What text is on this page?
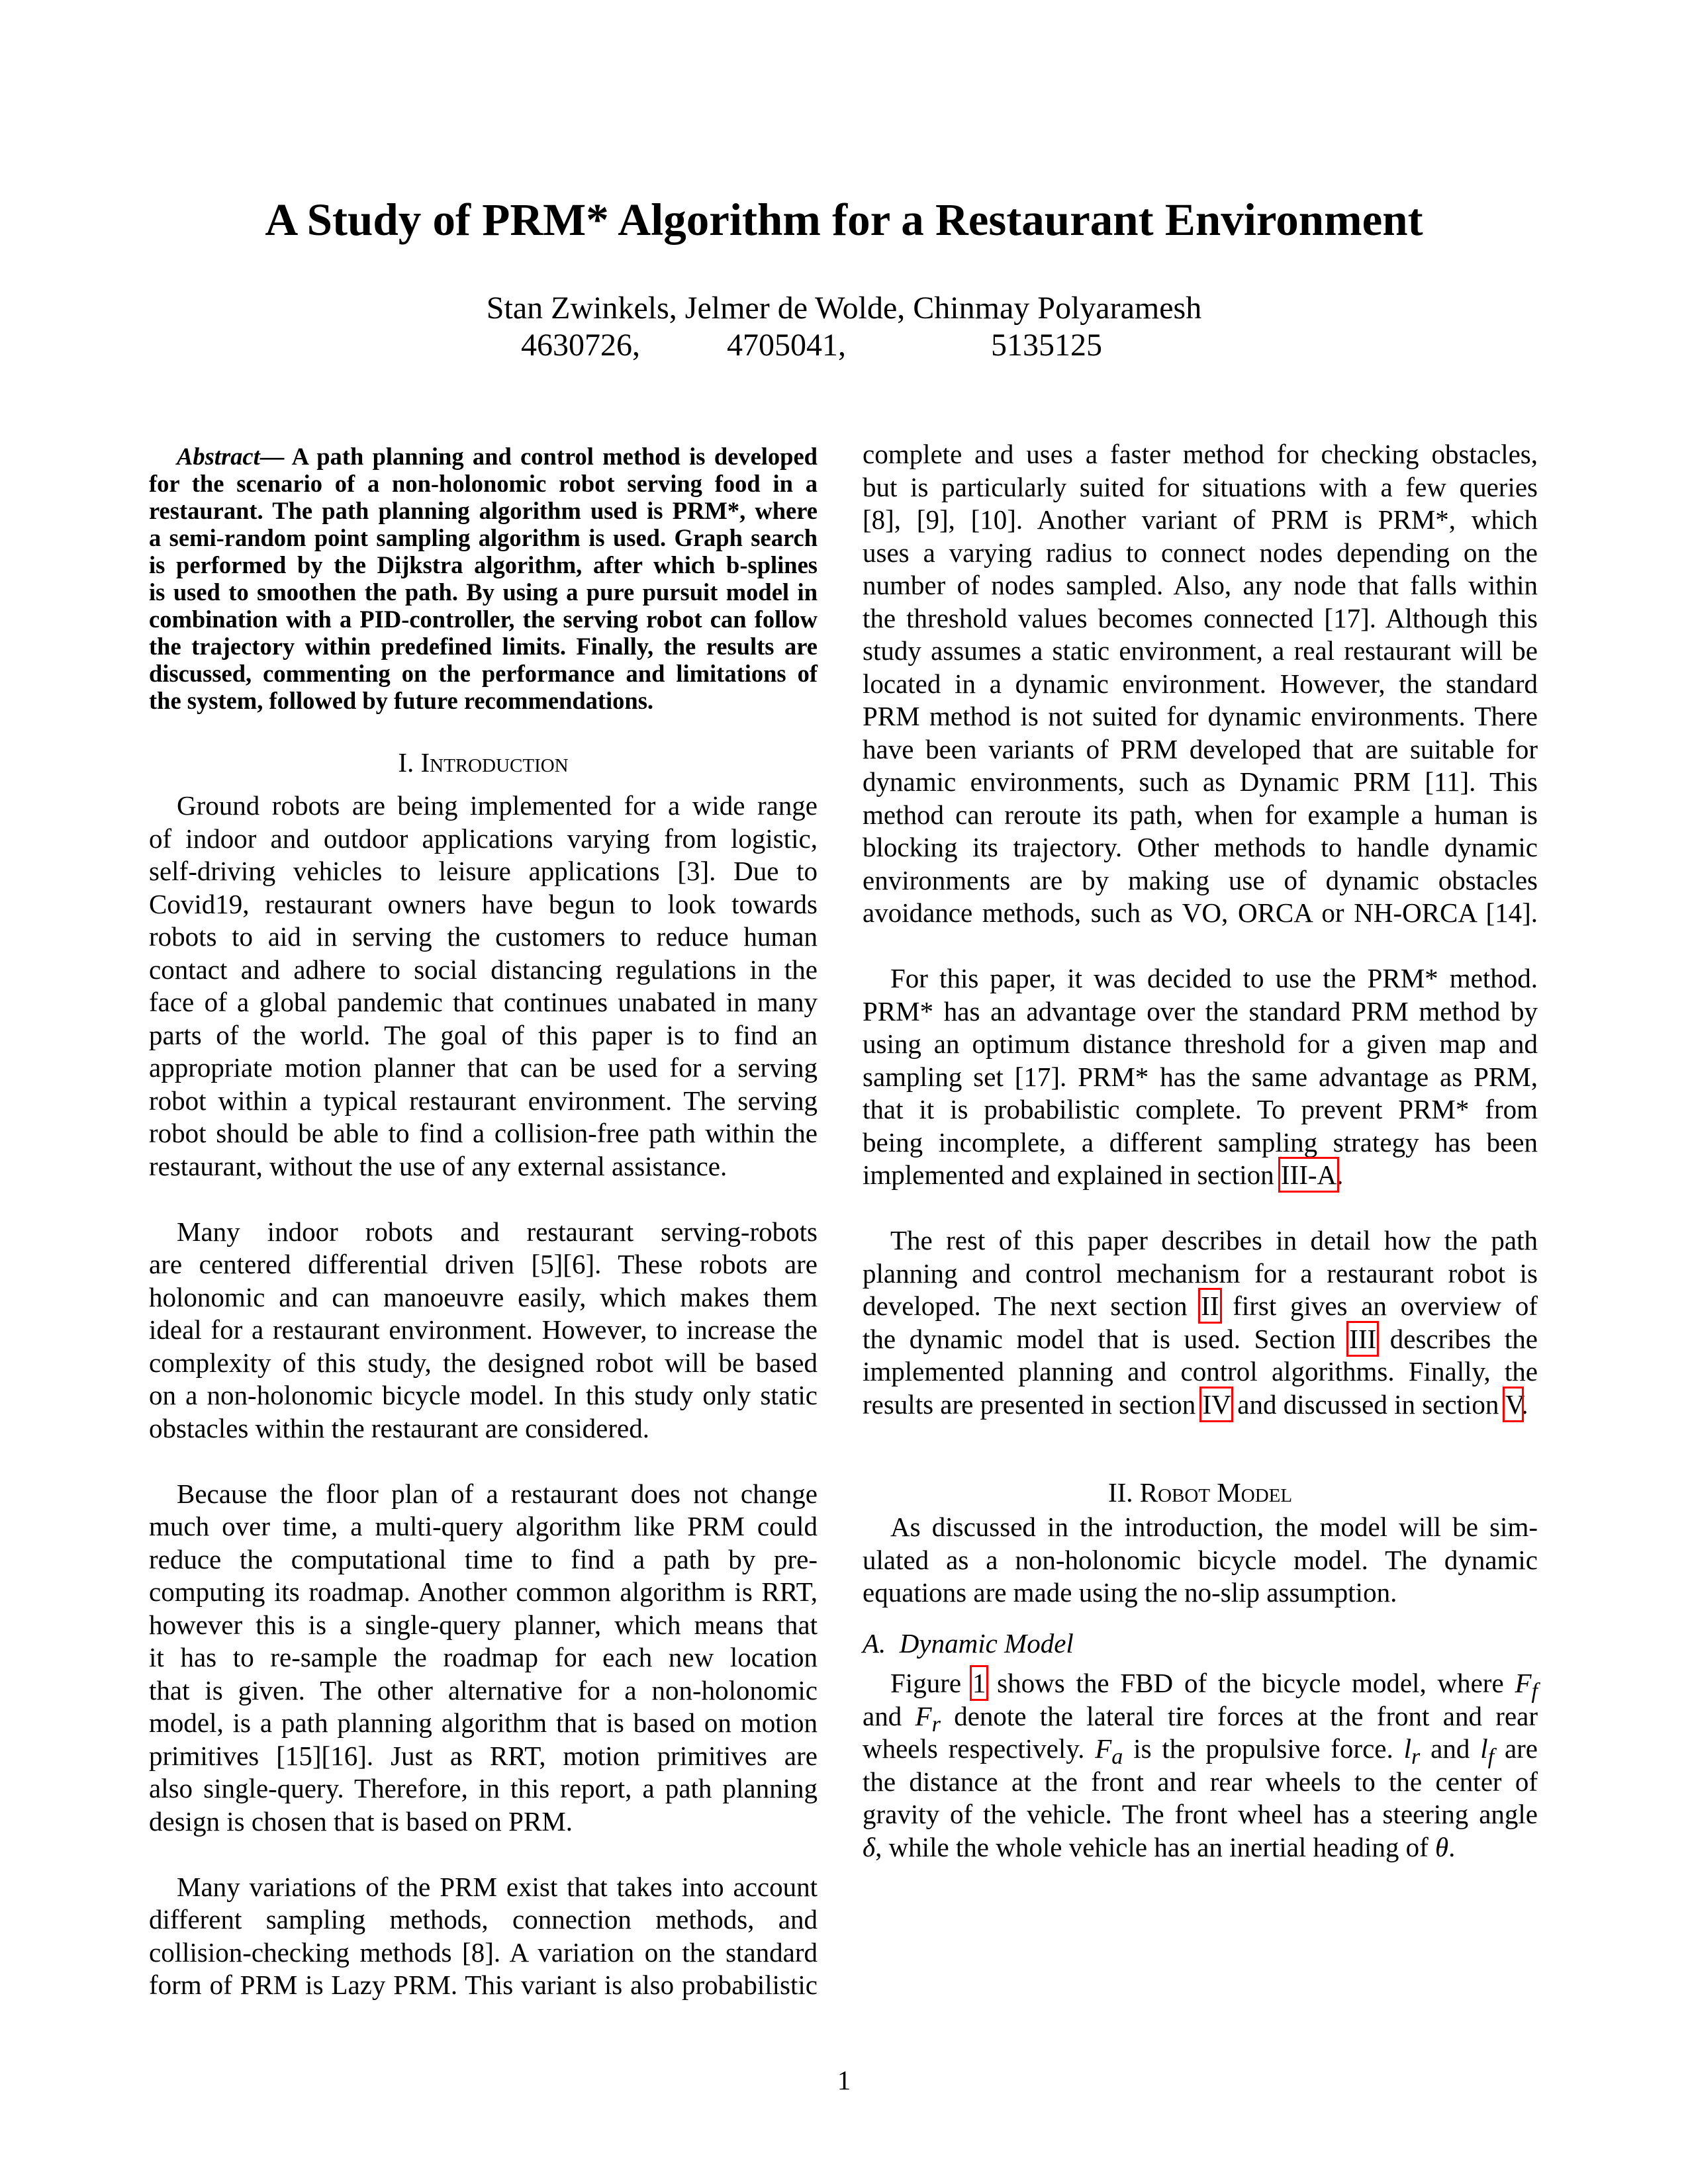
A Study of PRM* Algorithm for a Restaurant Environment
Stan Zwinkels, Jelmer de Wolde, Chinmay Polyaramesh
4630726,	4705041,	5135125
Abstract— A path planning and control method is developed
for the scenario of a non-holonomic robot serving food in a
restaurant. The path planning algorithm used is PRM*, where
a semi-random point sampling algorithm is used. Graph search
is performed by the Dijkstra algorithm, after which b-splines
is used to smoothen the path. By using a pure pursuit model in
combination with a PID-controller, the serving robot can follow
the trajectory within predefined limits. Finally, the results are
discussed, commenting on the performance and limitations of
the system, followed by future recommendations.
I. Introduction
Ground robots are being implemented for a wide range
of indoor and outdoor applications varying from logistic,
self-driving vehicles to leisure applications [3]. Due to
Covid19, restaurant owners have begun to look towards
robots to aid in serving the customers to reduce human
contact and adhere to social distancing regulations in the
face of a global pandemic that continues unabated in many
parts of the world. The goal of this paper is to find an
appropriate motion planner that can be used for a serving
robot within a typical restaurant environment. The serving
robot should be able to find a collision-free path within the
restaurant, without the use of any external assistance.
Many indoor robots and restaurant serving-robots
are centered differential driven [5][6]. These robots are
holonomic and can manoeuvre easily, which makes them
ideal for a restaurant environment. However, to increase the
complexity of this study, the designed robot will be based
on a non-holonomic bicycle model. In this study only static
obstacles within the restaurant are considered.
Because the floor plan of a restaurant does not change
much over time, a multi-query algorithm like PRM could
reduce the computational time to find a path by pre-
computing its roadmap. Another common algorithm is RRT,
however this is a single-query planner, which means that
it has to re-sample the roadmap for each new location
that is given. The other alternative for a non-holonomic
model, is a path planning algorithm that is based on motion
primitives [15][16]. Just as RRT, motion primitives are
also single-query. Therefore, in this report, a path planning
design is chosen that is based on PRM.
Many variations of the PRM exist that takes into account
different sampling methods, connection methods, and
collision-checking methods [8]. A variation on the standard
form of PRM is Lazy PRM. This variant is also probabilistic
complete and uses a faster method for checking obstacles,
but is particularly suited for situations with a few queries
[8], [9], [10]. Another variant of PRM is PRM*, which
uses a varying radius to connect nodes depending on the
number of nodes sampled. Also, any node that falls within
the threshold values becomes connected [17]. Although this
study assumes a static environment, a real restaurant will be
located in a dynamic environment. However, the standard
PRM method is not suited for dynamic environments. There
have been variants of PRM developed that are suitable for
dynamic environments, such as Dynamic PRM [11]. This
method can reroute its path, when for example a human is
blocking its trajectory. Other methods to handle dynamic
environments are by making use of dynamic obstacles
avoidance methods, such as VO, ORCA or NH-ORCA [14].
For this paper, it was decided to use the PRM* method.
PRM* has an advantage over the standard PRM method by
using an optimum distance threshold for a given map and
sampling set [17]. PRM* has the same advantage as PRM,
that it is probabilistic complete. To prevent PRM* from
being incomplete, a different sampling strategy has been
implemented and explained in section III-A.
The rest of this paper describes in detail how the path
planning and control mechanism for a restaurant robot is
developed. The next section II first gives an overview of
the dynamic model that is used. Section III describes the
implemented planning and control algorithms. Finally, the
results are presented in section IV and discussed in section V.
II. Robot Model
As discussed in the introduction, the model will be sim-
ulated as a non-holonomic bicycle model. The dynamic
equations are made using the no-slip assumption.
A. Dynamic Model
Figure 1 shows the FBD of the bicycle model, where $F_f$
and $F_r$ denote the lateral tire forces at the front and rear
wheels respectively. $F_a$ is the propulsive force. $l_r$ and $l_f$ are
the distance at the front and rear wheels to the center of
gravity of the vehicle. The front wheel has a steering angle
δ, while the whole vehicle has an inertial heading of θ.
1
